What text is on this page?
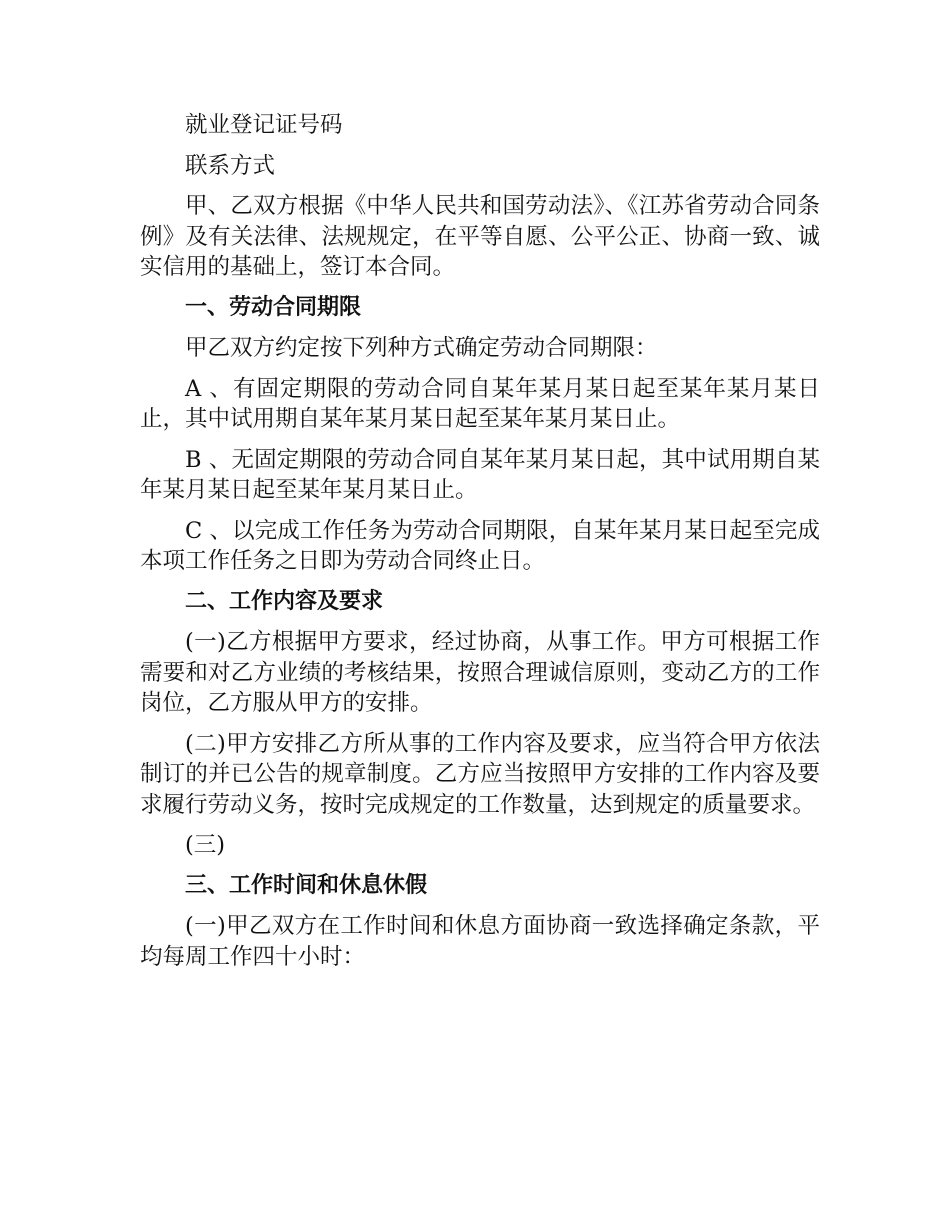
就业登记证号码

联系方式

甲、乙双方根据《中华人民共和国劳动法》、《江苏省劳动合同条例》及有关法律、法规规定，在平等自愿、公平公正、协商一致、诚实信用的基础上，签订本合同。

一、劳动合同期限

甲乙双方约定按下列种方式确定劳动合同期限：

A 、有固定期限的劳动合同自某年某月某日起至某年某月某日止，其中试用期自某年某月某日起至某年某月某日止。

B 、无固定期限的劳动合同自某年某月某日起，其中试用期自某年某月某日起至某年某月某日止。

C 、以完成工作任务为劳动合同期限，自某年某月某日起至完成本项工作任务之日即为劳动合同终止日。

二、工作内容及要求

(一)乙方根据甲方要求，经过协商，从事工作。甲方可根据工作需要和对乙方业绩的考核结果，按照合理诚信原则，变动乙方的工作岗位，乙方服从甲方的安排。

(二)甲方安排乙方所从事的工作内容及要求，应当符合甲方依法制订的并已公告的规章制度。乙方应当按照甲方安排的工作内容及要求履行劳动义务，按时完成规定的工作数量，达到规定的质量要求。

(三)

三、工作时间和休息休假

(一)甲乙双方在工作时间和休息方面协商一致选择确定条款，平均每周工作四十小时：
